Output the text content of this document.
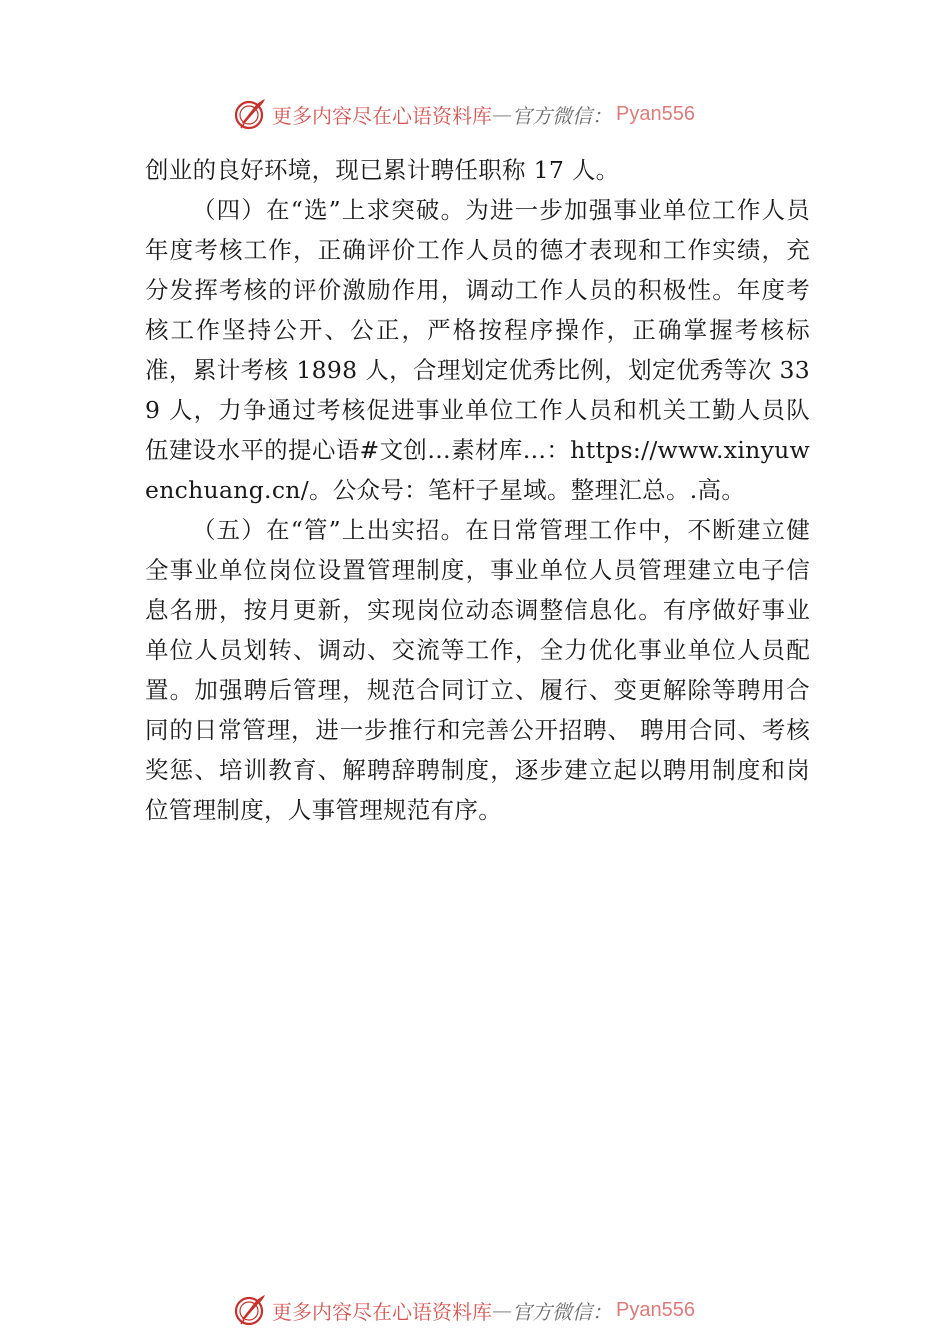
更多内容尽在心语资料库 — 官方微信： Pyan556

创业的良好环境，现已累计聘任职称 17 人。

（四）在“选”上求突破。为进一步加强事业单位工作人员年度考核工作，正确评价工作人员的德才表现和工作实绩，充分发挥考核的评价激励作用，调动工作人员的积极性。年度考核工作坚持公开、公正，严格按程序操作，正确掌握考核标准，累计考核 1898 人，合理划定优秀比例，划定优秀等次 339 人，力争通过考核促进事业单位工作人员和机关工勤人员队伍建设水平的提心语#文创…素材库…：https://www.xinyuwenchuang.cn/。公众号：笔杆子星域。整理汇总。.高。

（五）在“管”上出实招。在日常管理工作中，不断建立健全事业单位岗位设置管理制度，事业单位人员管理建立电子信息名册，按月更新，实现岗位动态调整信息化。有序做好事业单位人员划转、调动、交流等工作，全力优化事业单位人员配置。加强聘后管理，规范合同订立、履行、变更解除等聘用合同的日常管理，进一步推行和完善公开招聘、 聘用合同、考核奖惩、培训教育、解聘辞聘制度，逐步建立起以聘用制度和岗位管理制度，人事管理规范有序。

更多内容尽在心语资料库 — 官方微信： Pyan556
